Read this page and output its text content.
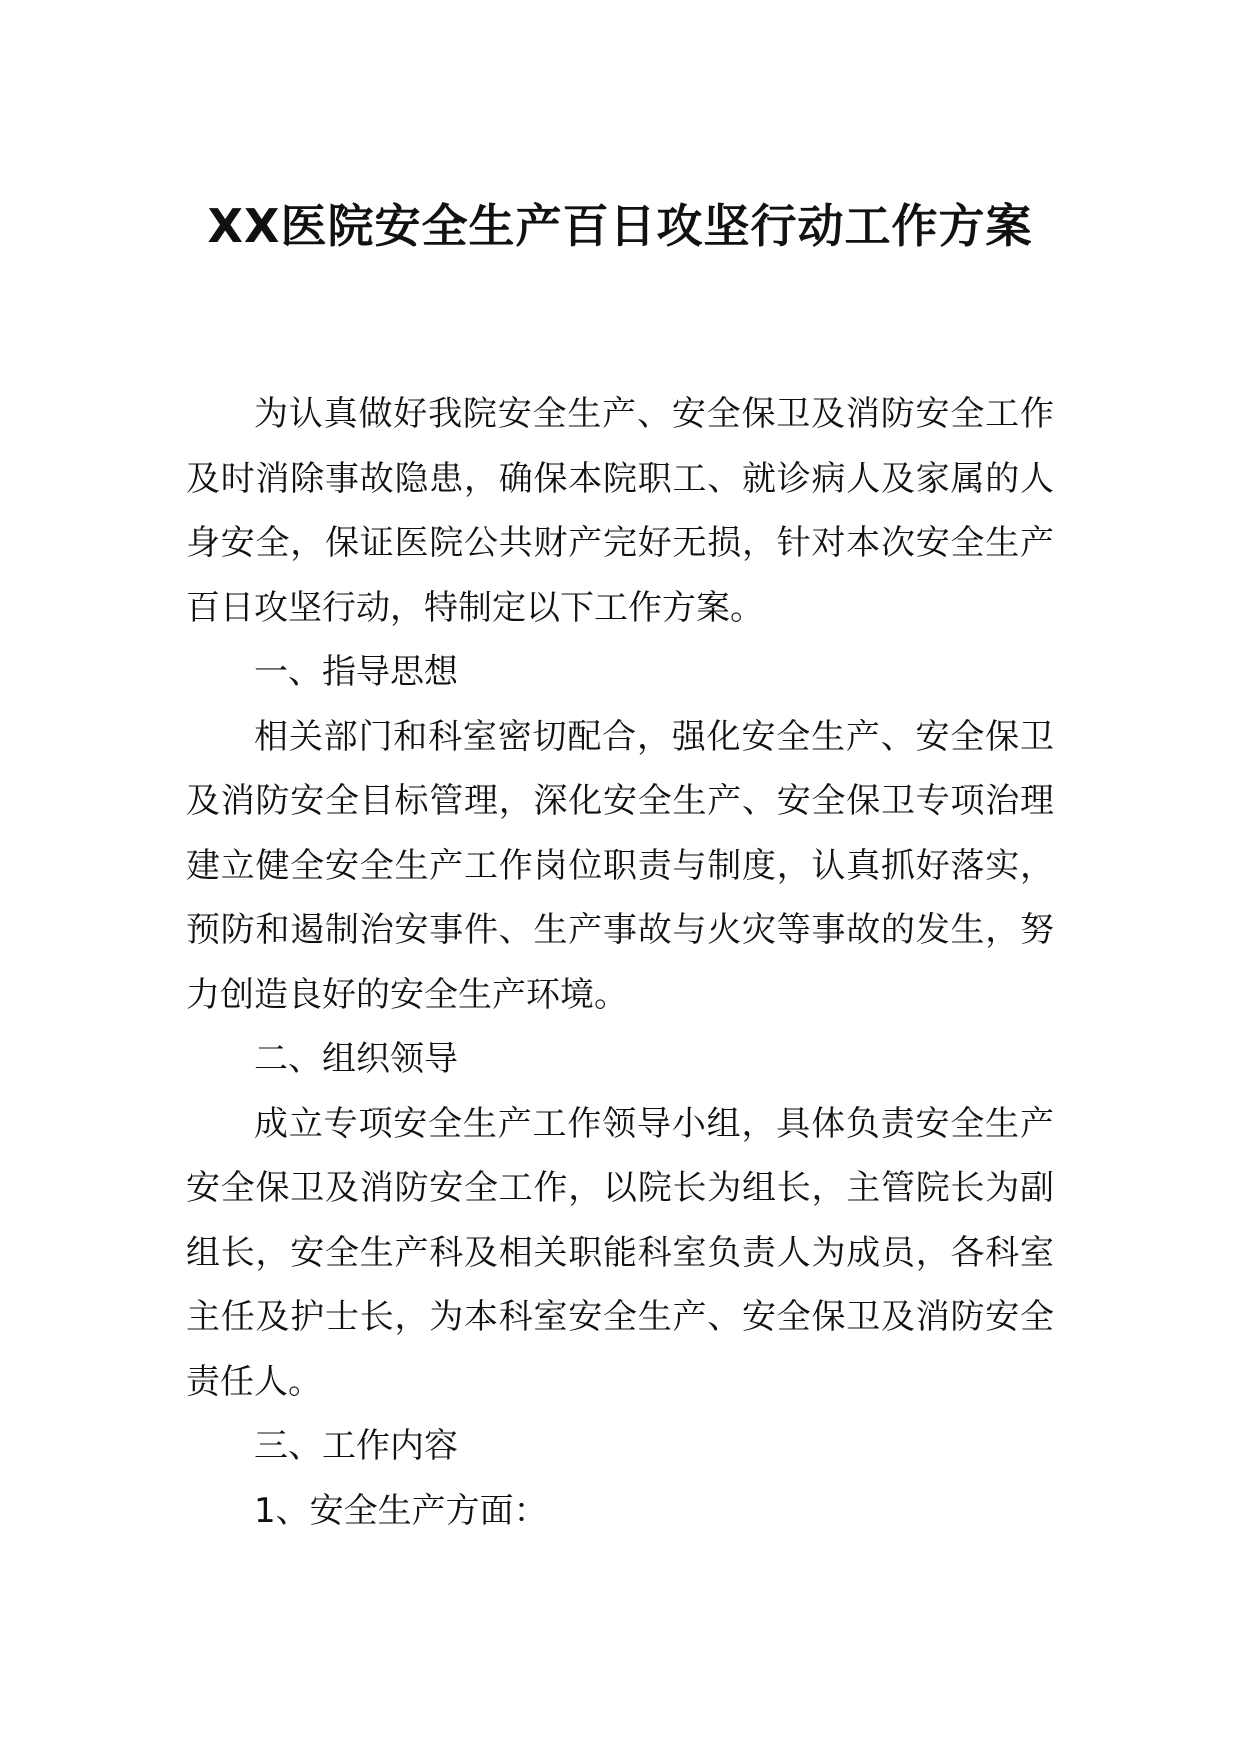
XX医院安全生产百日攻坚行动工作方案

为认真做好我院安全生产、安全保卫及消防安全工作及时消除事故隐患，确保本院职工、就诊病人及家属的人身安全，保证医院公共财产完好无损，针对本次安全生产百日攻坚行动，特制定以下工作方案。

一、指导思想

相关部门和科室密切配合，强化安全生产、安全保卫及消防安全目标管理，深化安全生产、安全保卫专项治理建立健全安全生产工作岗位职责与制度，认真抓好落实，预防和遏制治安事件、生产事故与火灾等事故的发生，努力创造良好的安全生产环境。

二、组织领导

成立专项安全生产工作领导小组，具体负责安全生产安全保卫及消防安全工作，以院长为组长，主管院长为副组长，安全生产科及相关职能科室负责人为成员，各科室主任及护士长，为本科室安全生产、安全保卫及消防安全责任人。

三、工作内容

1、安全生产方面：
